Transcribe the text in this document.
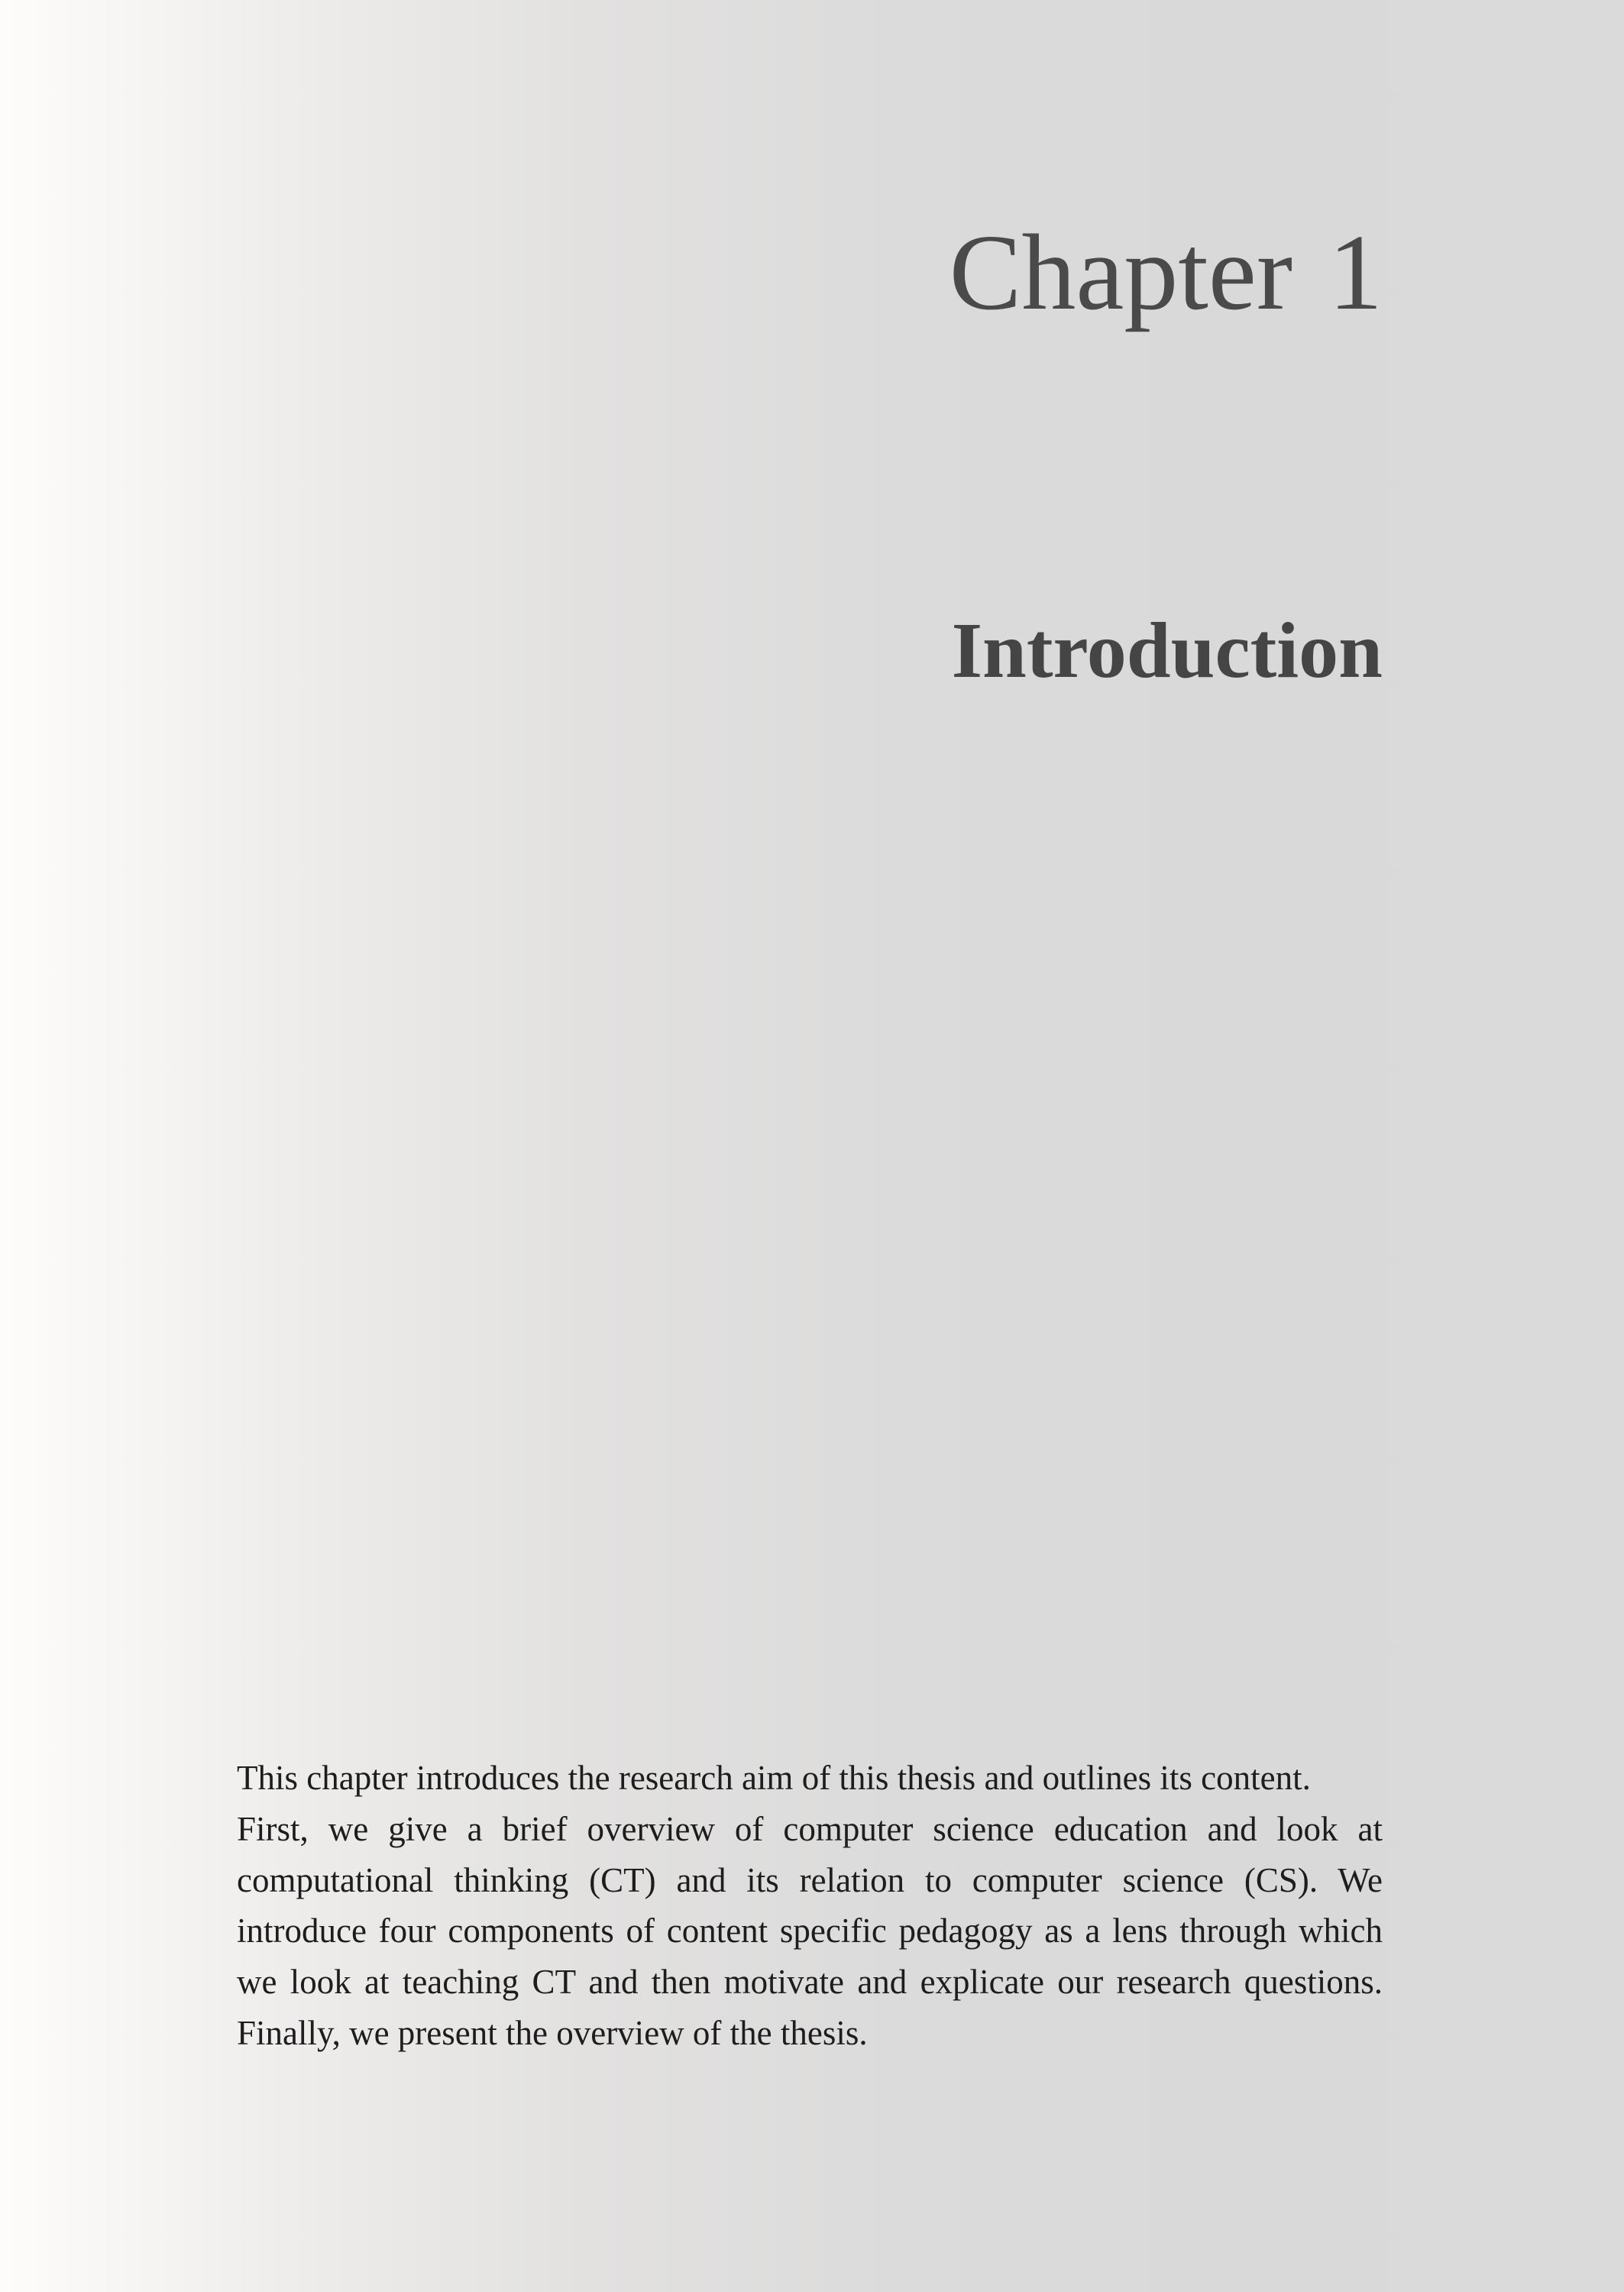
Chapter 1
Introduction
This chapter introduces the research aim of this thesis and outlines its content.
First, we give a brief overview of computer science education and look at
computational thinking (CT) and its relation to computer science (CS). We
introduce four components of content specific pedagogy as a lens through which
we look at teaching CT and then motivate and explicate our research questions.
Finally, we present the overview of the thesis.
